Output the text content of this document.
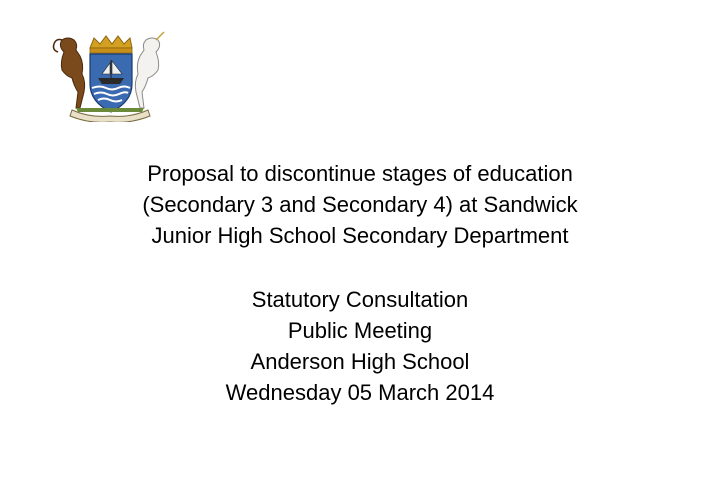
Proposal to discontinue stages of education
(Secondary 3 and Secondary 4) at Sandwick
Junior High School Secondary Department
Statutory Consultation
Public Meeting
Anderson High School
Wednesday 05 March 2014
